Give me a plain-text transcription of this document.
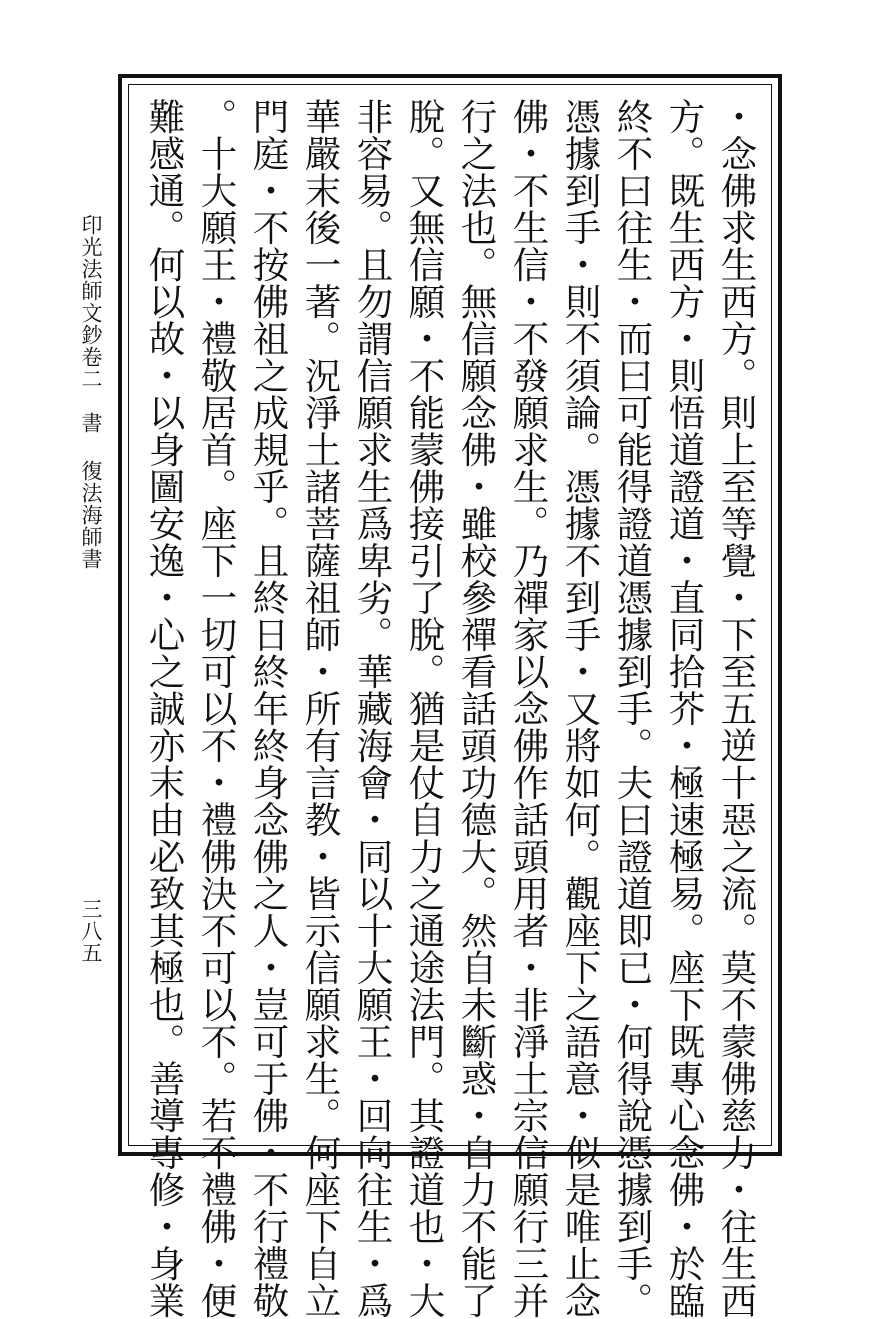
・念佛求生西方。則上至等覺・下至五逆十惡之流。莫不蒙佛慈力・往生西
方。既生西方・則悟道證道・直同拾芥・極速極易。座下既專心念佛・於臨
終不曰往生・而曰可能得證道憑據到手。夫曰證道即已・何得說憑據到手。
憑據到手・則不須論。憑據不到手・又將如何。觀座下之語意・似是唯止念
佛・不生信・不發願求生。乃禪家以念佛作話頭用者・非淨土宗信願行三并
行之法也。無信願念佛・雖校參禪看話頭功德大。然自未斷惑・自力不能了
脫。又無信願・不能蒙佛接引了脫。猶是仗自力之通途法門。其證道也・大
非容易。且勿謂信願求生爲卑劣。華藏海會・同以十大願王・回向往生・爲
華嚴末後一著。況淨土諸菩薩祖師・所有言教・皆示信願求生。何座下自立
門庭・不按佛祖之成規乎。且終日終年終身念佛之人・豈可于佛・不行禮敬
。十大願王・禮敬居首。座下一切可以不・禮佛決不可以不。若不禮佛・便
難感通。何以故・以身圖安逸・心之誠亦末由必致其極也。善導專修・身業
印光法師文鈔卷二書復法海師書
三八五
